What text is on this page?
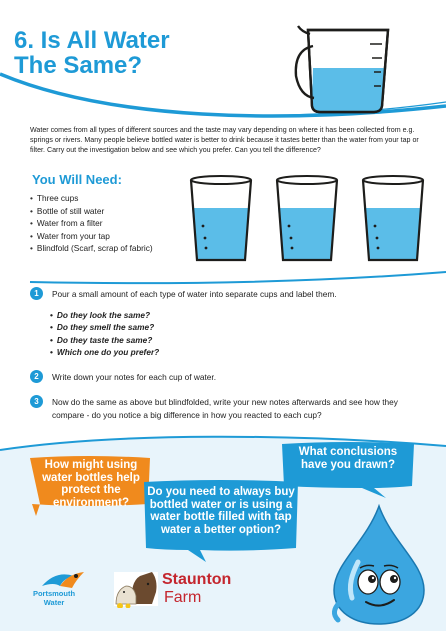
6. Is All Water
The Same?
Water comes from all types of different sources and the taste may vary depending on where it has been collected from e.g. springs or rivers. Many people believe bottled water is better to drink because it tastes better than the water from your tap or filter. Carry out the investigation below and see which you prefer. Can you tell the difference?
You Will Need:
• Three cups
• Bottle of still water
• Water from a filter
• Water from your tap
• Blindfold (Scarf, scrap of fabric)
1	Pour a small amount of each type of water into separate cups and label them.
• Do they look the same?
• Do they smell the same?
• Do they taste the same?
• Which one do you prefer?
2	Write down your notes for each cup of water.
3	Now do the same as above but blindfolded, write your new notes afterwards and see how they compare - do you notice a big difference in how you reacted to each cup?
How might using water bottles help protect the environment?
What conclusions have you drawn?
Do you need to always buy bottled water or is using a water bottle filled with tap water a better option?
Portsmouth
Water
Staunton
Farm
